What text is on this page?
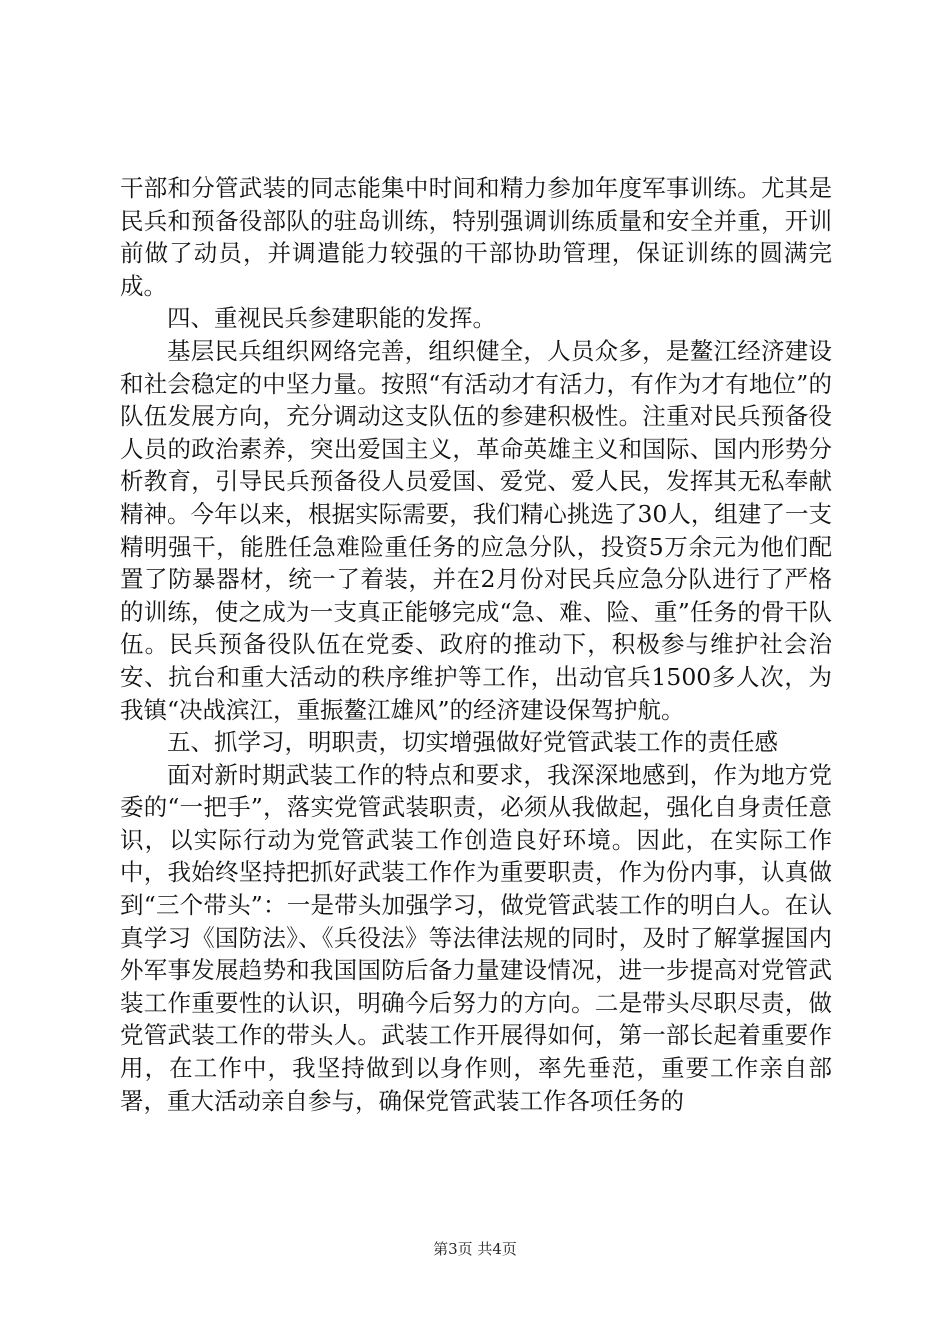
干部和分管武装的同志能集中时间和精力参加年度军事训练。尤其是民兵和预备役部队的驻岛训练，特别强调训练质量和安全并重，开训前做了动员，并调遣能力较强的干部协助管理，保证训练的圆满完成。

四、重视民兵参建职能的发挥。

基层民兵组织网络完善，组织健全，人员众多，是鳌江经济建设和社会稳定的中坚力量。按照“有活动才有活力，有作为才有地位”的队伍发展方向，充分调动这支队伍的参建积极性。注重对民兵预备役人员的政治素养，突出爱国主义，革命英雄主义和国际、国内形势分析教育，引导民兵预备役人员爱国、爱党、爱人民，发挥其无私奉献精神。今年以来，根据实际需要，我们精心挑选了30人，组建了一支精明强干，能胜任急难险重任务的应急分队，投资5万余元为他们配置了防暴器材，统一了着装，并在2月份对民兵应急分队进行了严格的训练，使之成为一支真正能够完成“急、难、险、重”任务的骨干队伍。民兵预备役队伍在党委、政府的推动下，积极参与维护社会治安、抗台和重大活动的秩序维护等工作，出动官兵1500多人次，为我镇“决战滨江，重振鳌江雄风”的经济建设保驾护航。

五、抓学习，明职责，切实增强做好党管武装工作的责任感

面对新时期武装工作的特点和要求，我深深地感到，作为地方党委的“一把手”，落实党管武装职责，必须从我做起，强化自身责任意识，以实际行动为党管武装工作创造良好环境。因此，在实际工作中，我始终坚持把抓好武装工作作为重要职责，作为份内事，认真做到“三个带头”：一是带头加强学习，做党管武装工作的明白人。在认真学习《国防法》、《兵役法》等法律法规的同时，及时了解掌握国内外军事发展趋势和我国国防后备力量建设情况，进一步提高对党管武装工作重要性的认识，明确今后努力的方向。二是带头尽职尽责，做党管武装工作的带头人。武装工作开展得如何，第一部长起着重要作用，在工作中，我坚持做到以身作则，率先垂范，重要工作亲自部署，重大活动亲自参与，确保党管武装工作各项任务的

第3页 共4页
